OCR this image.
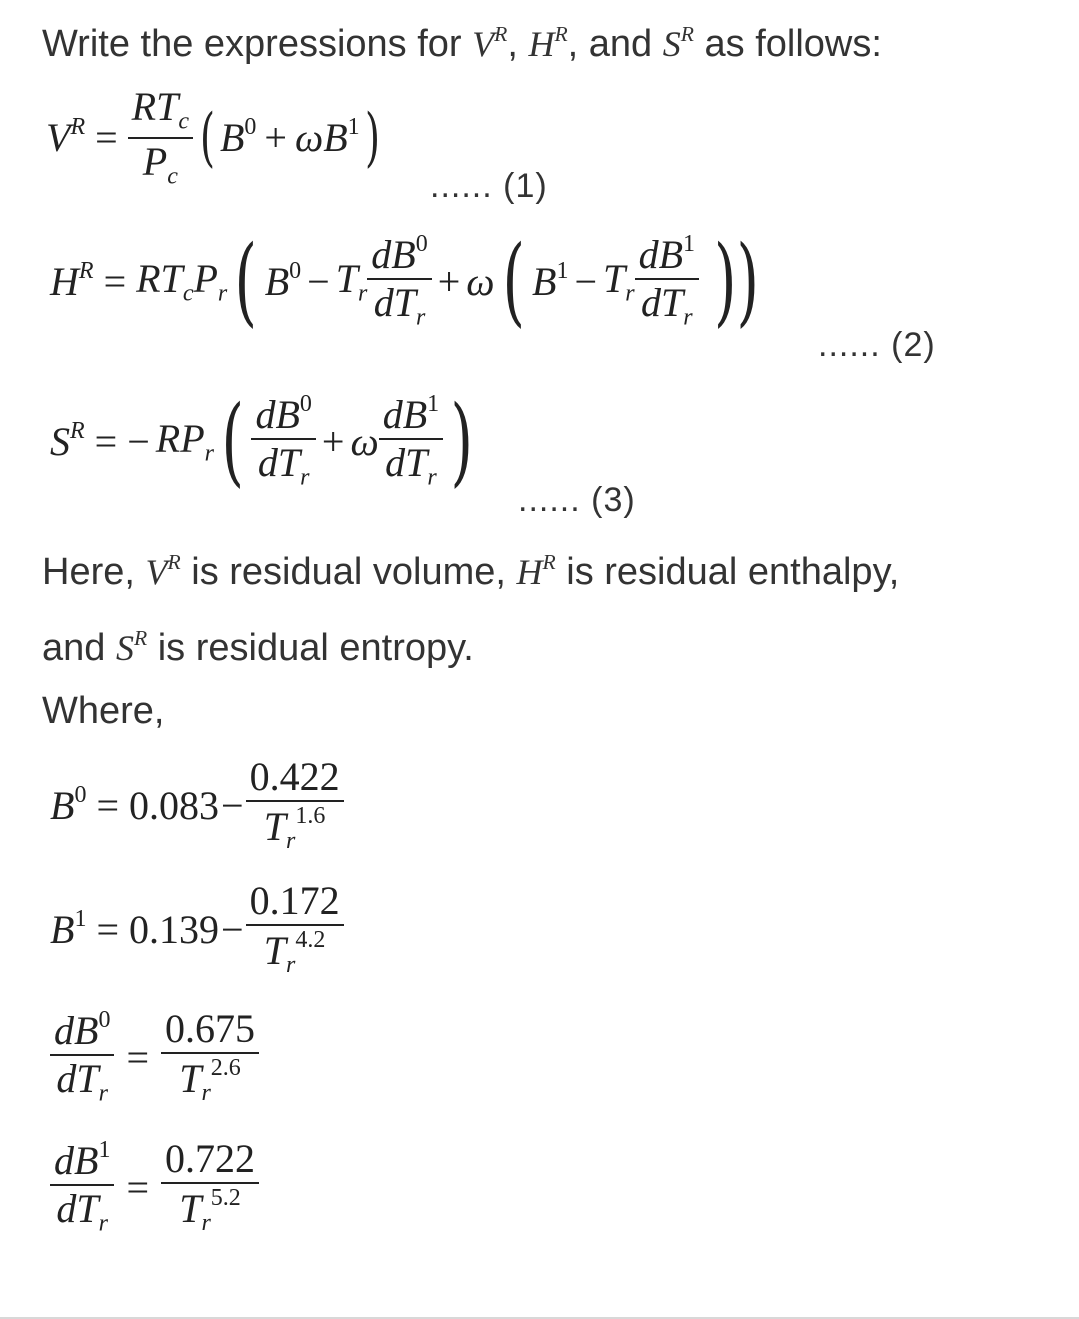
Write the expressions for $V^R$, $H^R$, and $S^R$ as follows:
$V^R = \frac{RT_c}{P_c}$ ( $B^0 + \omega B^1$ )
...... (1)
$H^R = RT_cP_r$ ( $B^0 - T_r \frac{dB^0}{dT_r} + \omega$ ( $B^1 - T_r \frac{dB^1}{dT_r}$ ))
...... (2)
$S^R$ = − $RP_r$ ( $\frac{dB^0}{dT_r} + \omega \frac{dB^1}{dT_r}$ )
...... (3)
Here, $V^R$ is residual volume, $H^R$ is residual enthalpy,
and $S^R$ is residual entropy.
Where,
$B^0 = 0.083 - \frac{0.422}{T_r^{1.6}}$
$B^1 = 0.139 - \frac{0.172}{T_r^{4.2}}$
$\frac{dB^0}{dT_r} = \frac{0.675}{T_r^{2.6}}$
$\frac{dB^1}{dT_r} = \frac{0.722}{T_r^{5.2}}$
